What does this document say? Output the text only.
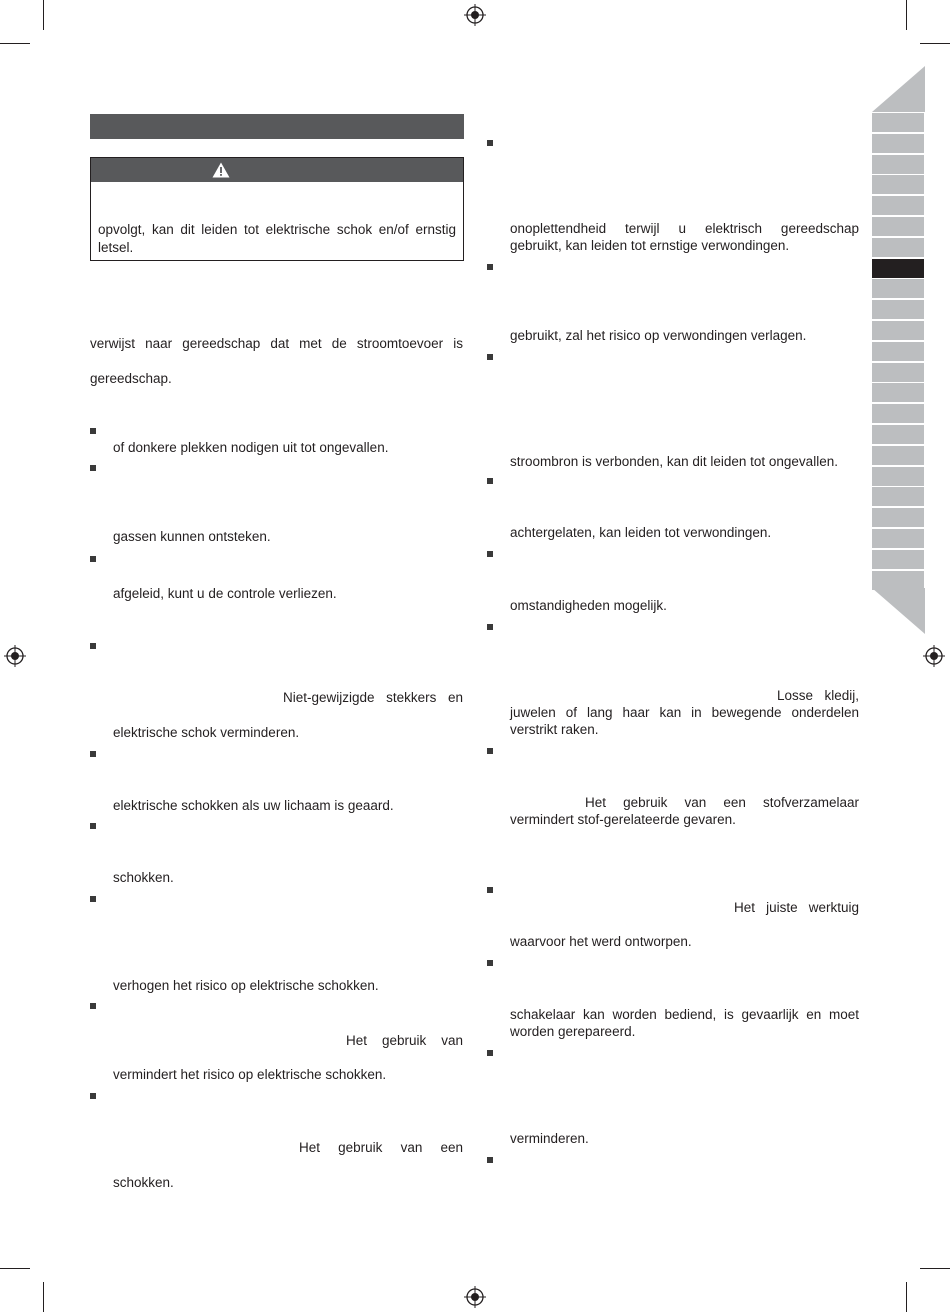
opvolgt, kan dit leiden tot elektrische schok en/of ernstig
letsel.
verwijst naar gereedschap dat met de stroomtoevoer is
gereedschap.
of donkere plekken nodigen uit tot ongevallen.
gassen kunnen ontsteken.
afgeleid, kunt u de controle verliezen.
Niet-gewijzigde stekkers en
elektrische schok verminderen.
elektrische schokken als uw lichaam is geaard.
schokken.
verhogen het risico op elektrische schokken.
Het gebruik van
vermindert het risico op elektrische schokken.
Het gebruik van een
schokken.
onoplettendheid terwijl u elektrisch gereedschap
gebruikt, kan leiden tot ernstige verwondingen.
gebruikt, zal het risico op verwondingen verlagen.
stroombron is verbonden, kan dit leiden tot ongevallen.
achtergelaten, kan leiden tot verwondingen.
omstandigheden mogelijk.
Losse kledij,
juwelen of lang haar kan in bewegende onderdelen
verstrikt raken.
Het gebruik van een stofverzamelaar
vermindert stof-gerelateerde gevaren.
Het juiste werktuig
waarvoor het werd ontworpen.
schakelaar kan worden bediend, is gevaarlijk en moet
worden gerepareerd.
verminderen.
